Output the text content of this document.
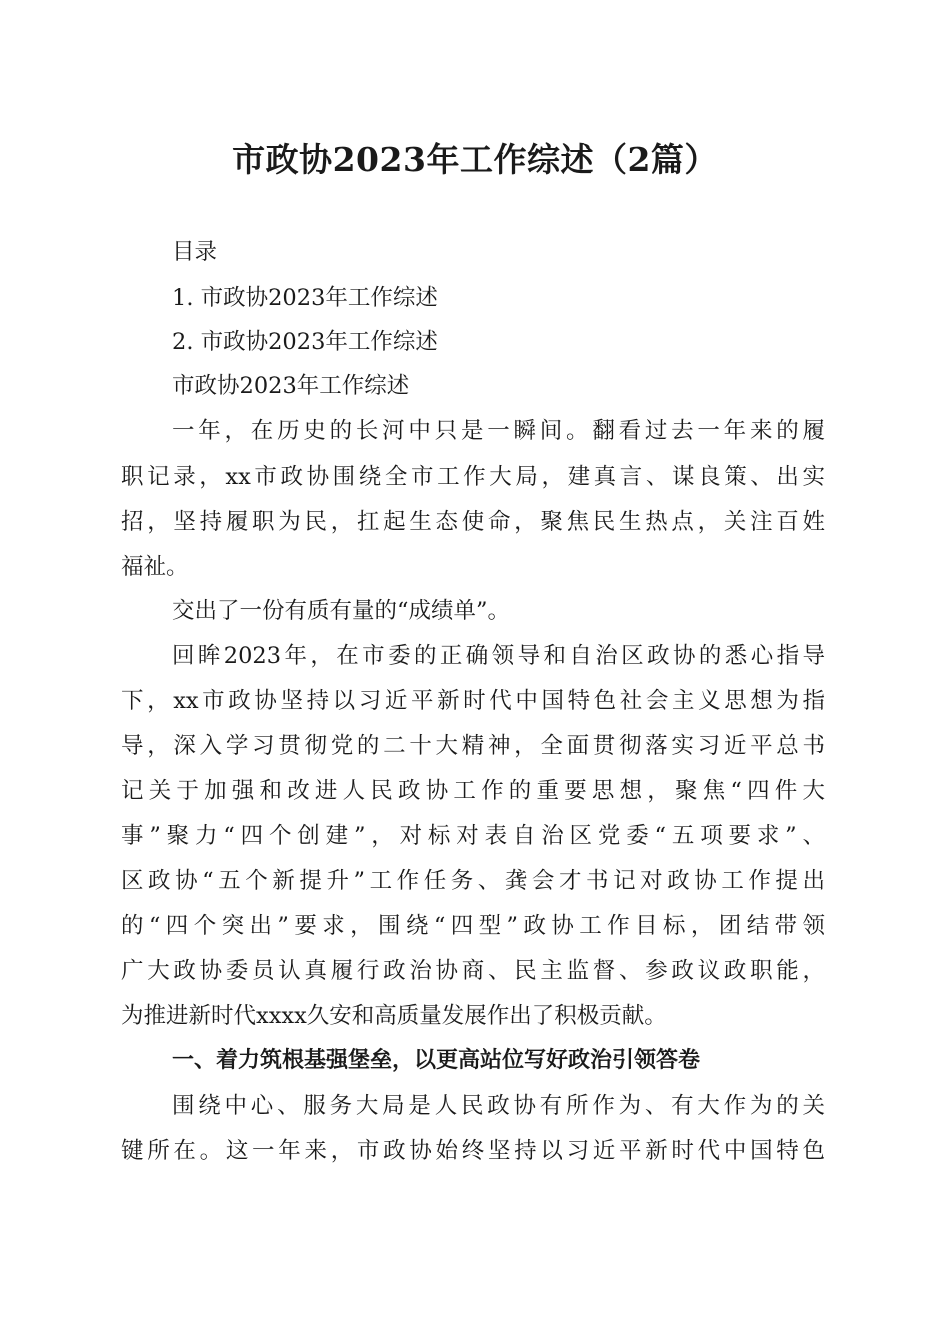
市政协2023年工作综述（2篇）
目录
1. 市政协2023年工作综述
2. 市政协2023年工作综述
市政协2023年工作综述
一年，在历史的长河中只是一瞬间。翻看过去一年来的履
职记录，xx市政协围绕全市工作大局，建真言、谋良策、出实
招，坚持履职为民，扛起生态使命，聚焦民生热点，关注百姓
福祉。
交出了一份有质有量的“成绩单”。
回眸2023年，在市委的正确领导和自治区政协的悉心指导
下，xx市政协坚持以习近平新时代中国特色社会主义思想为指
导，深入学习贯彻党的二十大精神，全面贯彻落实习近平总书
记关于加强和改进人民政协工作的重要思想，聚焦“四件大
事”聚力“四个创建”，对标对表自治区党委“五项要求”、
区政协“五个新提升”工作任务、龚会才书记对政协工作提出
的“四个突出”要求，围绕“四型”政协工作目标，团结带领
广大政协委员认真履行政治协商、民主监督、参政议政职能，
为推进新时代xxxx久安和高质量发展作出了积极贡献。
一、着力筑根基强堡垒，以更高站位写好政治引领答卷
围绕中心、服务大局是人民政协有所作为、有大作为的关
键所在。这一年来，市政协始终坚持以习近平新时代中国特色
